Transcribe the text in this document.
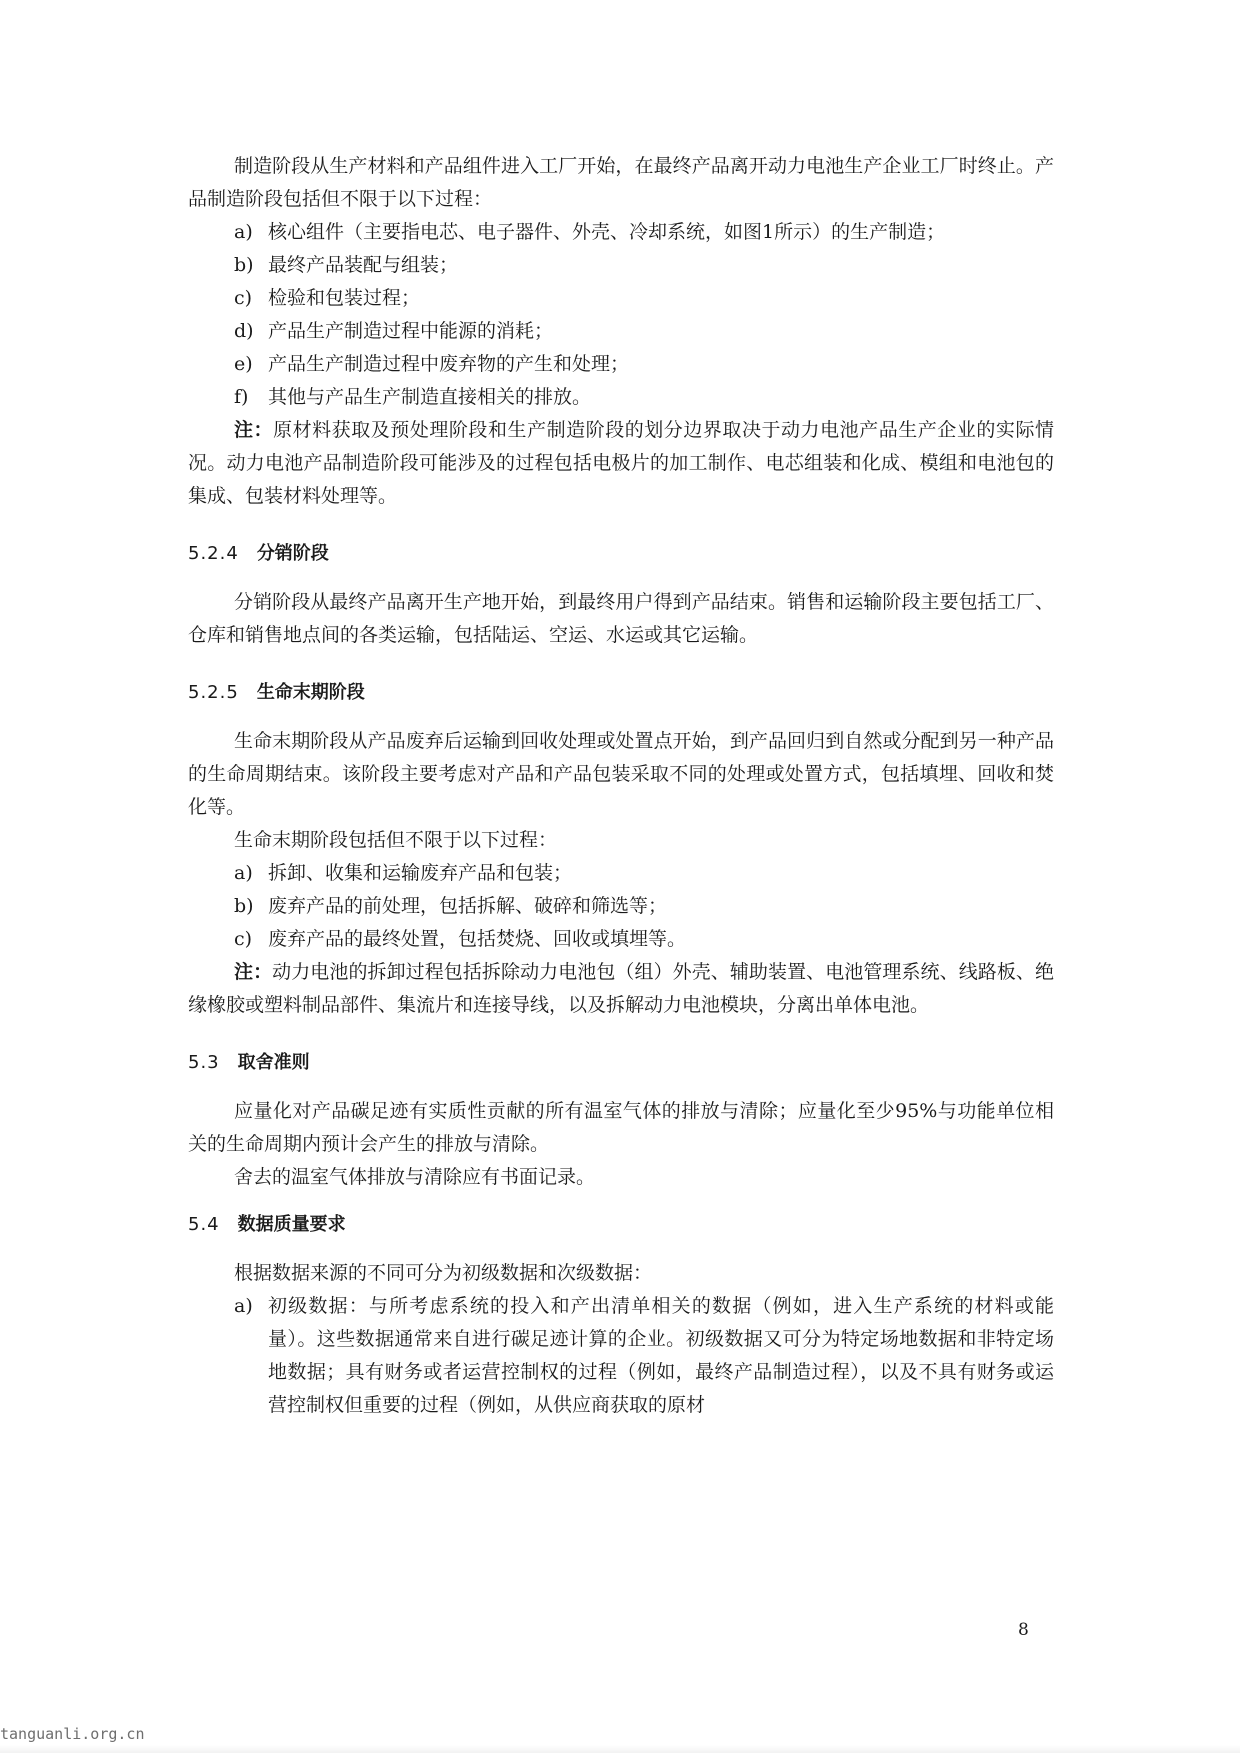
制造阶段从生产材料和产品组件进入工厂开始，在最终产品离开动力电池生产企业工厂时终止。产品制造阶段包括但不限于以下过程：

a) 核心组件（主要指电芯、电子器件、外壳、冷却系统，如图1所示）的生产制造；
b) 最终产品装配与组装；
c) 检验和包装过程；
d) 产品生产制造过程中能源的消耗；
e) 产品生产制造过程中废弃物的产生和处理；
f)	其他与产品生产制造直接相关的排放。

注：原材料获取及预处理阶段和生产制造阶段的划分边界取决于动力电池产品生产企业的实际情况。动力电池产品制造阶段可能涉及的过程包括电极片的加工制作、电芯组装和化成、模组和电池包的集成、包装材料处理等。

5.2.4 分销阶段

分销阶段从最终产品离开生产地开始，到最终用户得到产品结束。销售和运输阶段主要包括工厂、仓库和销售地点间的各类运输，包括陆运、空运、水运或其它运输。

5.2.5 生命末期阶段

生命末期阶段从产品废弃后运输到回收处理或处置点开始，到产品回归到自然或分配到另一种产品的生命周期结束。该阶段主要考虑对产品和产品包装采取不同的处理或处置方式，包括填埋、回收和焚化等。

生命末期阶段包括但不限于以下过程：

a) 拆卸、收集和运输废弃产品和包装；
b) 废弃产品的前处理，包括拆解、破碎和筛选等；
c) 废弃产品的最终处置，包括焚烧、回收或填埋等。

注：动力电池的拆卸过程包括拆除动力电池包（组）外壳、辅助装置、电池管理系统、线路板、绝缘橡胶或塑料制品部件、集流片和连接导线，以及拆解动力电池模块，分离出单体电池。

5.3 取舍准则

应量化对产品碳足迹有实质性贡献的所有温室气体的排放与清除；应量化至少95%与功能单位相关的生命周期内预计会产生的排放与清除。

舍去的温室气体排放与清除应有书面记录。

5.4 数据质量要求

根据数据来源的不同可分为初级数据和次级数据：

a) 初级数据：与所考虑系统的投入和产出清单相关的数据（例如，进入生产系统的材料或能量）。这些数据通常来自进行碳足迹计算的企业。初级数据又可分为特定场地数据和非特定场地数据；具有财务或者运营控制权的过程（例如，最终产品制造过程），以及不具有财务或运营控制权但重要的过程（例如，从供应商获取的原材
8
tanguanli.org.cn
